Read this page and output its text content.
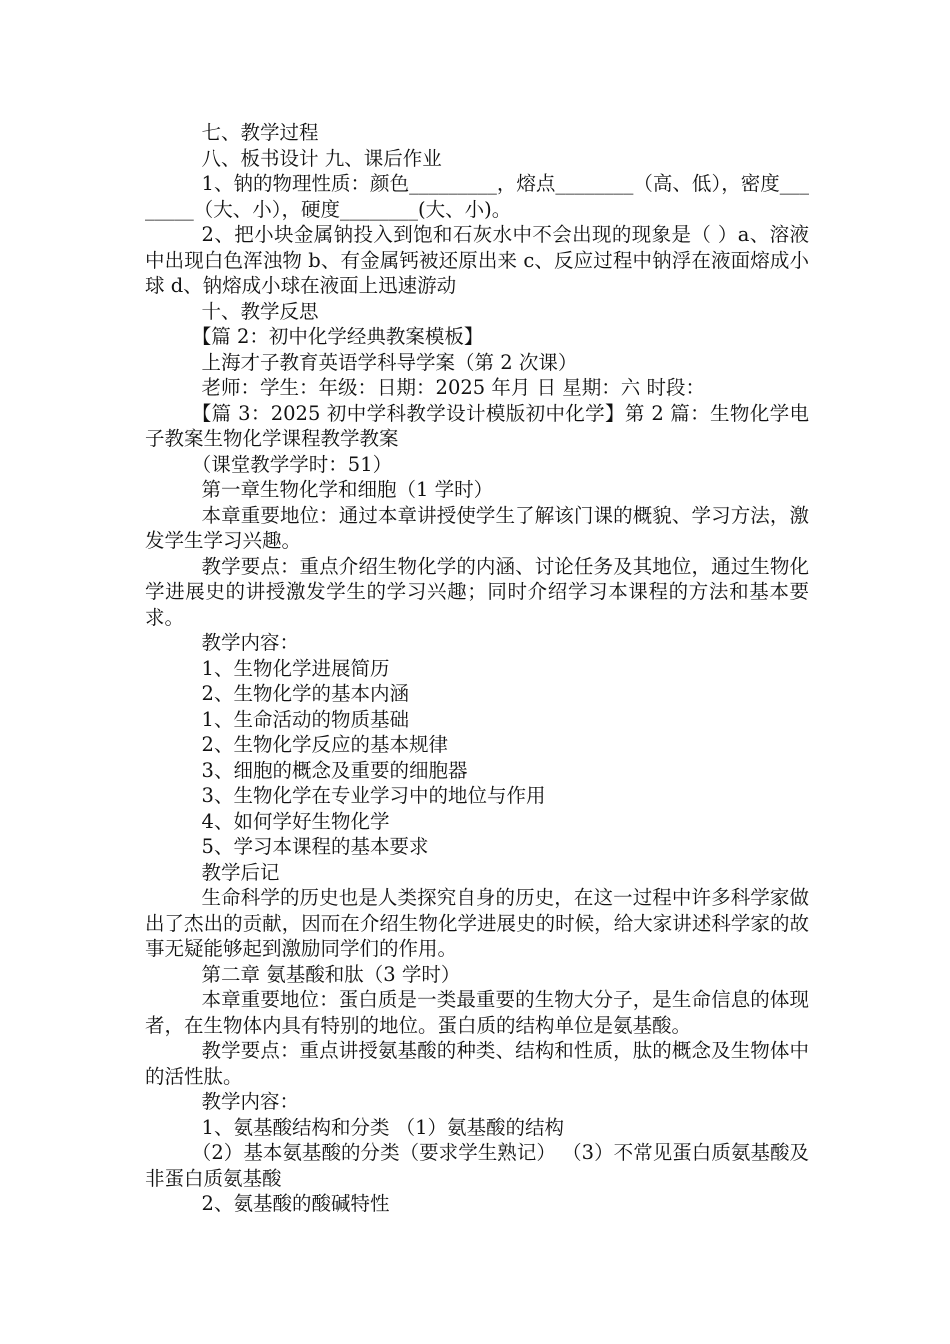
七、教学过程

八、板书设计 九、课后作业

1、钠的物理性质：颜色_________，熔点________（高、低），密度________（大、小），硬度________(大、小)。

2、把小块金属钠投入到饱和石灰水中不会出现的现象是（ ）a、溶液中出现白色浑浊物 b、有金属钙被还原出来 c、反应过程中钠浮在液面熔成小球 d、钠熔成小球在液面上迅速游动

十、教学反思

【篇 2：初中化学经典教案模板】

上海才子教育英语学科导学案（第 2 次课）

老师：学生：年级：日期：2025 年月 日 星期：六 时段：

【篇 3：2025 初中学科教学设计模版初中化学】第 2 篇：生物化学电子教案生物化学课程教学教案

（课堂教学学时：51）

第一章生物化学和细胞（1 学时）

本章重要地位：通过本章讲授使学生了解该门课的概貌、学习方法，激发学生学习兴趣。

教学要点：重点介绍生物化学的内涵、讨论任务及其地位，通过生物化学进展史的讲授激发学生的学习兴趣；同时介绍学习本课程的方法和基本要求。

教学内容：

1、生物化学进展简历

2、生物化学的基本内涵

1、生命活动的物质基础

2、生物化学反应的基本规律

3、细胞的概念及重要的细胞器

3、生物化学在专业学习中的地位与作用

4、如何学好生物化学

5、学习本课程的基本要求

教学后记

生命科学的历史也是人类探究自身的历史，在这一过程中许多科学家做出了杰出的贡献，因而在介绍生物化学进展史的时候，给大家讲述科学家的故事无疑能够起到激励同学们的作用。

第二章 氨基酸和肽（3 学时）

本章重要地位：蛋白质是一类最重要的生物大分子，是生命信息的体现者，在生物体内具有特别的地位。蛋白质的结构单位是氨基酸。

教学要点：重点讲授氨基酸的种类、结构和性质，肽的概念及生物体中的活性肽。

教学内容：

1、氨基酸结构和分类 （1）氨基酸的结构

（2）基本氨基酸的分类（要求学生熟记） （3）不常见蛋白质氨基酸及非蛋白质氨基酸

2、氨基酸的酸碱特性
